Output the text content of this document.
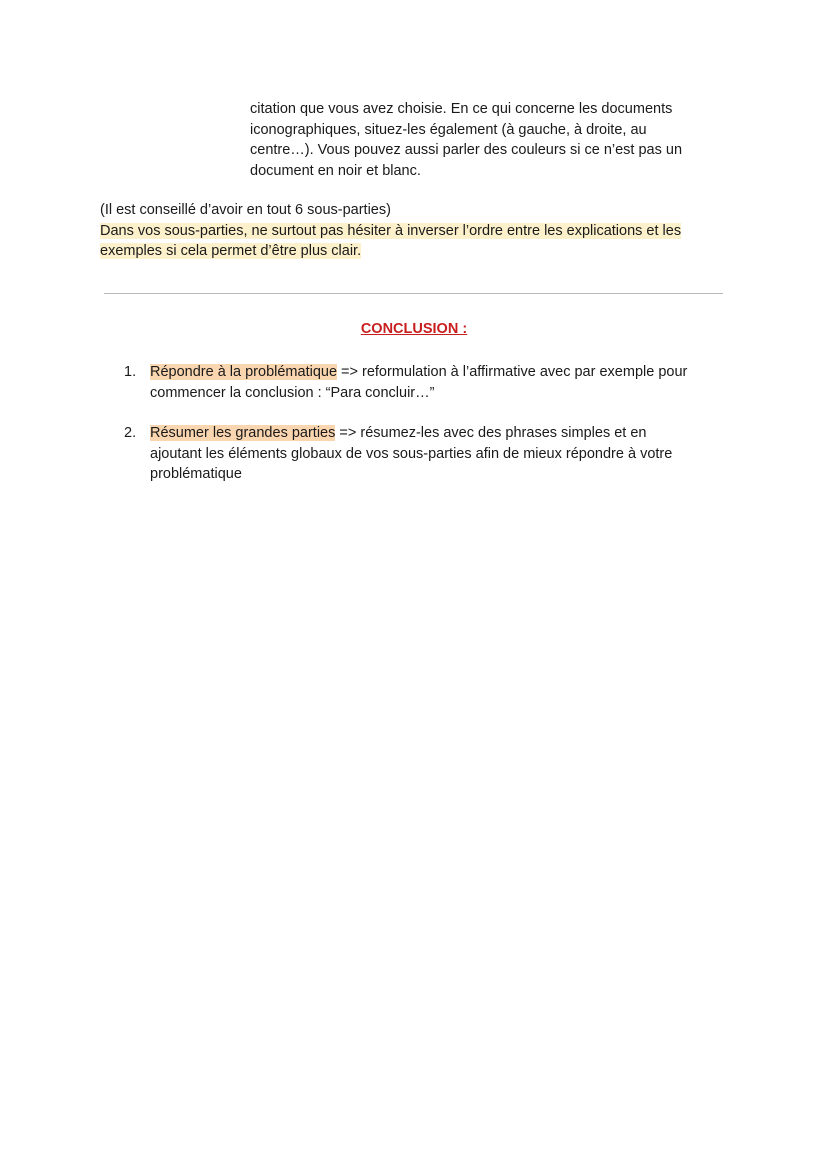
citation que vous avez choisie. En ce qui concerne les documents
iconographiques, situez-les également (à gauche, à droite, au
centre…). Vous pouvez aussi parler des couleurs si ce n’est pas un
document en noir et blanc.
(Il est conseillé d’avoir en tout 6 sous-parties)
Dans vos sous-parties, ne surtout pas hésiter à inverser l’ordre entre les explications et les
exemples si cela permet d’être plus clair.
CONCLUSION :
1. Répondre à la problématique => reformulation à l’affirmative avec par exemple pour
commencer la conclusion : “Para concluir…”
2. Résumer les grandes parties => résumez-les avec des phrases simples et en
ajoutant les éléments globaux de vos sous-parties afin de mieux répondre à votre
problématique
